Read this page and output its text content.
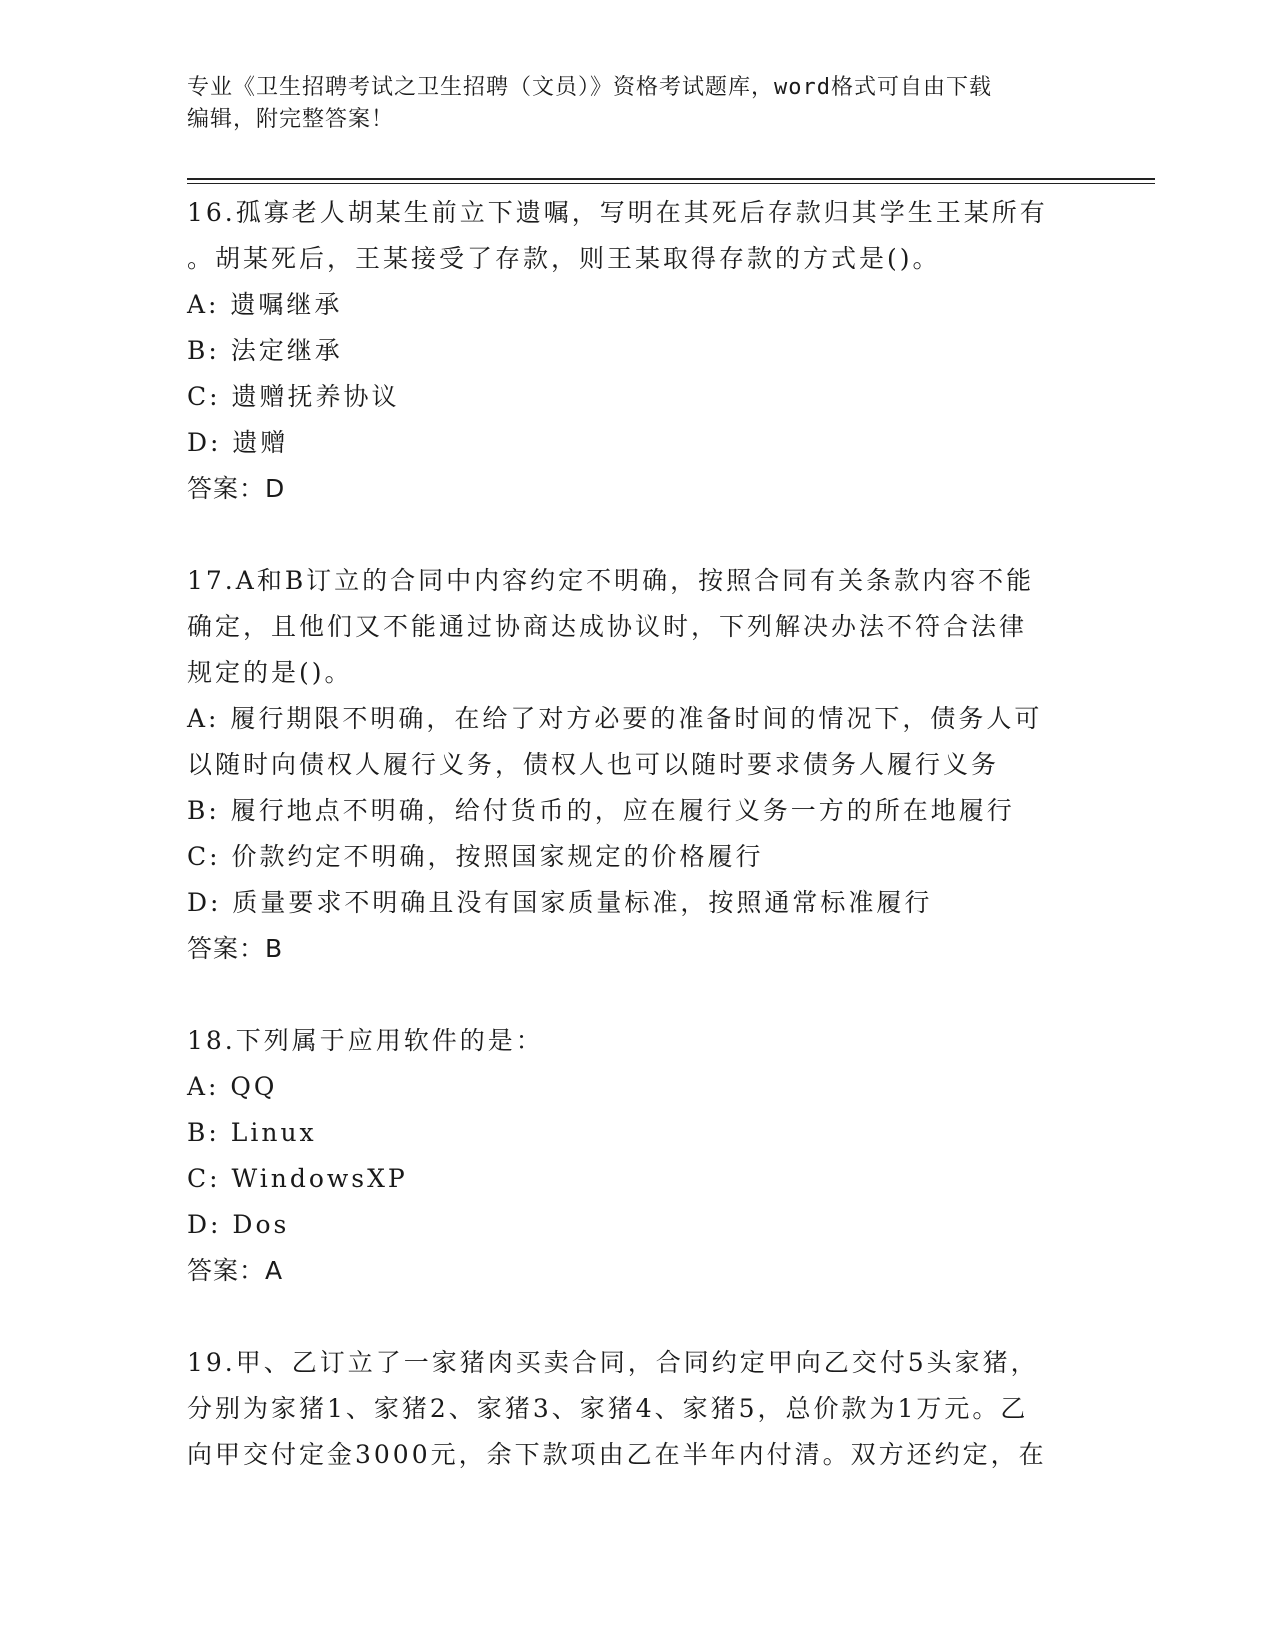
专业《卫生招聘考试之卫生招聘（文员）》资格考试题库，word格式可自由下载
编辑，附完整答案！
16.孤寡老人胡某生前立下遗嘱，写明在其死后存款归其学生王某所有
。胡某死后，王某接受了存款，则王某取得存款的方式是()。
A: 遗嘱继承
B: 法定继承
C: 遗赠抚养协议
D: 遗赠
答案：D
17.A和B订立的合同中内容约定不明确，按照合同有关条款内容不能
确定，且他们又不能通过协商达成协议时，下列解决办法不符合法律
规定的是()。
A: 履行期限不明确，在给了对方必要的准备时间的情况下，债务人可
以随时向债权人履行义务，债权人也可以随时要求债务人履行义务
B: 履行地点不明确，给付货币的，应在履行义务一方的所在地履行
C: 价款约定不明确，按照国家规定的价格履行
D: 质量要求不明确且没有国家质量标准，按照通常标准履行
答案：B
18.下列属于应用软件的是：
A: QQ
B: Linux
C: WindowsXP
D: Dos
答案：A
19.甲、乙订立了一家猪肉买卖合同，合同约定甲向乙交付5头家猪，
分别为家猪1、家猪2、家猪3、家猪4、家猪5，总价款为1万元。乙
向甲交付定金3000元，余下款项由乙在半年内付清。双方还约定，在
